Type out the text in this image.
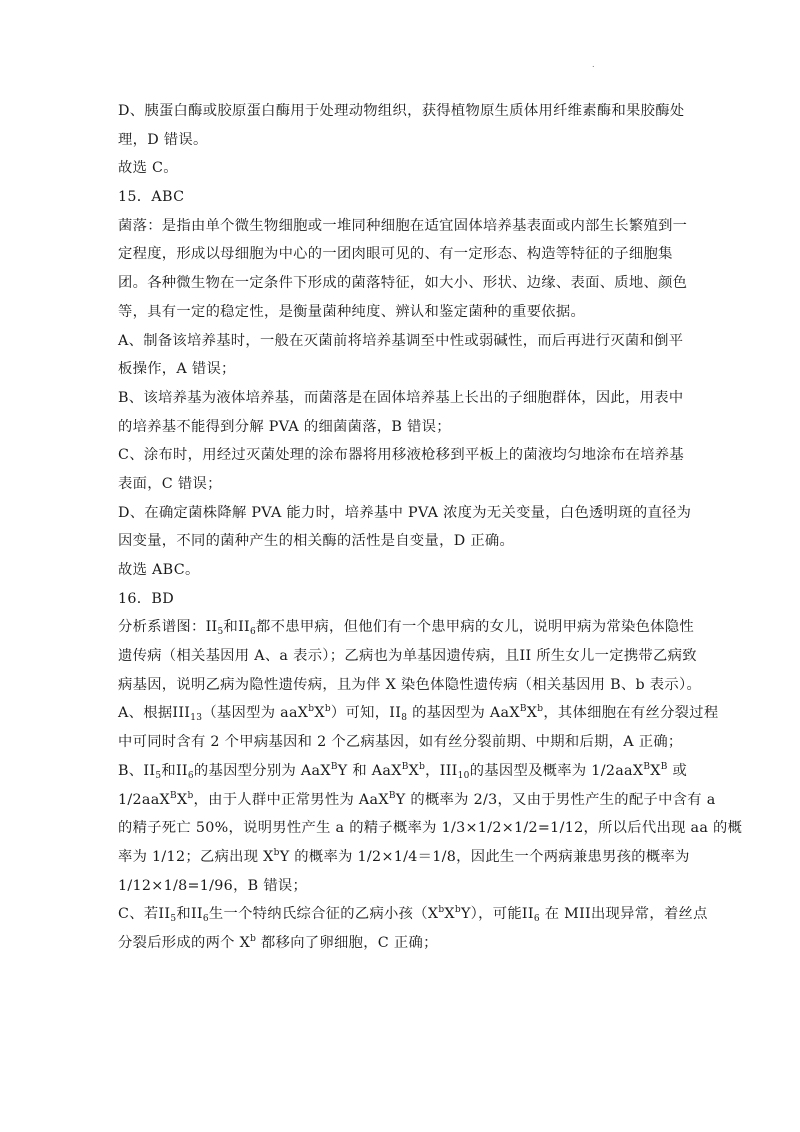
.
D、胰蛋白酶或胶原蛋白酶用于处理动物组织，获得植物原生质体用纤维素酶和果胶酶处
理，D 错误。
故选 C。
15．ABC
菌落：是指由单个微生物细胞或一堆同种细胞在适宜固体培养基表面或内部生长繁殖到一
定程度，形成以母细胞为中心的一团肉眼可见的、有一定形态、构造等特征的子细胞集
团。各种微生物在一定条件下形成的菌落特征，如大小、形状、边缘、表面、质地、颜色
等，具有一定的稳定性，是衡量菌种纯度、辨认和鉴定菌种的重要依据。
A、制备该培养基时，一般在灭菌前将培养基调至中性或弱碱性，而后再进行灭菌和倒平
板操作，A 错误；
B、该培养基为液体培养基，而菌落是在固体培养基上长出的子细胞群体，因此，用表中
的培养基不能得到分解 PVA 的细菌菌落，B 错误；
C、涂布时，用经过灭菌处理的涂布器将用移液枪移到平板上的菌液均匀地涂布在培养基
表面，C 错误；
D、在确定菌株降解 PVA 能力时，培养基中 PVA 浓度为无关变量，白色透明斑的直径为
因变量，不同的菌种产生的相关酶的活性是自变量，D 正确。
故选 ABC。
16．BD
分析系谱图：$II_5$和$II_6$都不患甲病，但他们有一个患甲病的女儿，说明甲病为常染色体隐性
遗传病（相关基因用 A、a 表示）；乙病也为单基因遗传病，且II 所生女儿一定携带乙病致
病基因，说明乙病为隐性遗传病，且为伴 X 染色体隐性遗传病（相关基因用 B、b 表示）。
A、根据$III_{13}$（基因型为 $aaX^bX^b$）可知，$II_8$ 的基因型为 $AaX^BX^b$，其体细胞在有丝分裂过程
中可同时含有 2 个甲病基因和 2 个乙病基因，如有丝分裂前期、中期和后期，A 正确；
B、$II_5$和$II_6$的基因型分别为 AaX$^B$Y 和 $AaX^BX^b$，$III_{10}$的基因型及概率为 $1/2aaX^BX^B$ 或
$1/2aaX^BX^b$，由于人群中正常男性为 AaX$^B$Y 的概率为 2/3，又由于男性产生的配子中含有 a
的精子死亡 50%，说明男性产生 a 的精子概率为 1/3×1/2×1/2=1/12，所以后代出现 aa 的概
率为 1/12；乙病出现 $X^bY$ 的概率为 1/2×1/4＝1/8，因此生一个两病兼患男孩的概率为
1/12×1/8=1/96，B 错误；
C、若$II_5$和$II_6$生一个特纳氏综合征的乙病小孩$(X^bX^bY)$，可能$II_6$ 在 MII出现异常，着丝点
分裂后形成的两个 $X^b$ 都移向了卵细胞，C 正确；
